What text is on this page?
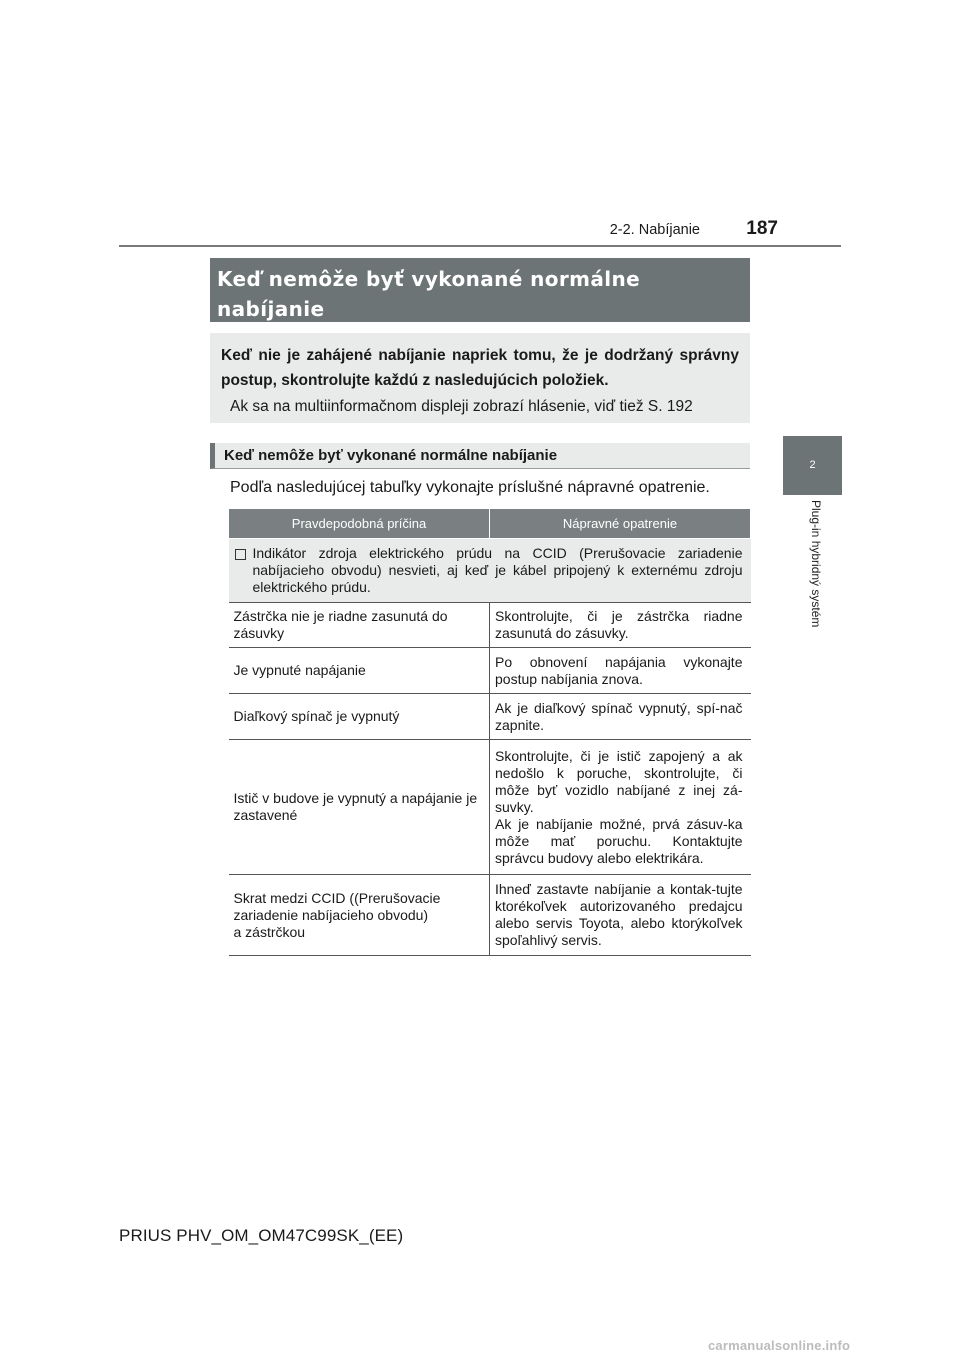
187
2-2. Nabíjanie
2
Plug-in hybridný systém
Keď nemôže byť vykonané normálne nabíjanie

Keď nie je zahájené nabíjanie napriek tomu, že je dodržaný správny postup, skontrolujte každú z nasledujúcich položiek.

Ak sa na multiinformačnom displeji zobrazí hlásenie, viď tiež S. 192

Keď nemôže byť vykonané normálne nabíjanie
Podľa nasledujúcej tabuľky vykonajte príslušné nápravné opatrenie.
Pravdepodobná príčina	Nápravné opatrenie

Indikátor zdroja elektrického prúdu na CCID (Prerušovacie zariadenie nabíjacieho obvodu) nesvieti, aj keď je kábel pripojený k externému zdroju elektrického prúdu.	

Zástrčka nie je riadne zasunutá do zásuvky	Skontrolujte, či je zástrčka riadne zasunutá do zásuvky.
Je vypnuté napájanie	Po obnovení napájania vykonajte postup nabíjania znova.
Diaľkový spínač je vypnutý	Ak je diaľkový spínač vypnutý, spí-nač zapnite.
Istič v budove je vypnutý a napájanie je zastavené	Skontrolujte, či je istič zapojený a ak nedošlo k poruche, skontrolujte, či môže byť vozidlo nabíjané z inej zá-suvky.
Ak je nabíjanie možné, prvá zásuv-ka môže mať poruchu. Kontaktujte správcu budovy alebo elektrikára.
Skrat medzi CCID ((Prerušovacie zariadenie nabíjacieho obvodu)
a zástrčkou	Ihneď zastavte nabíjanie a kontak-tujte ktorékoľvek autorizovaného predajcu alebo servis Toyota, alebo ktorýkoľvek spoľahlivý servis.
PRIUS PHV_OM_OM47C99SK_(EE)
carmanualsonline.info
